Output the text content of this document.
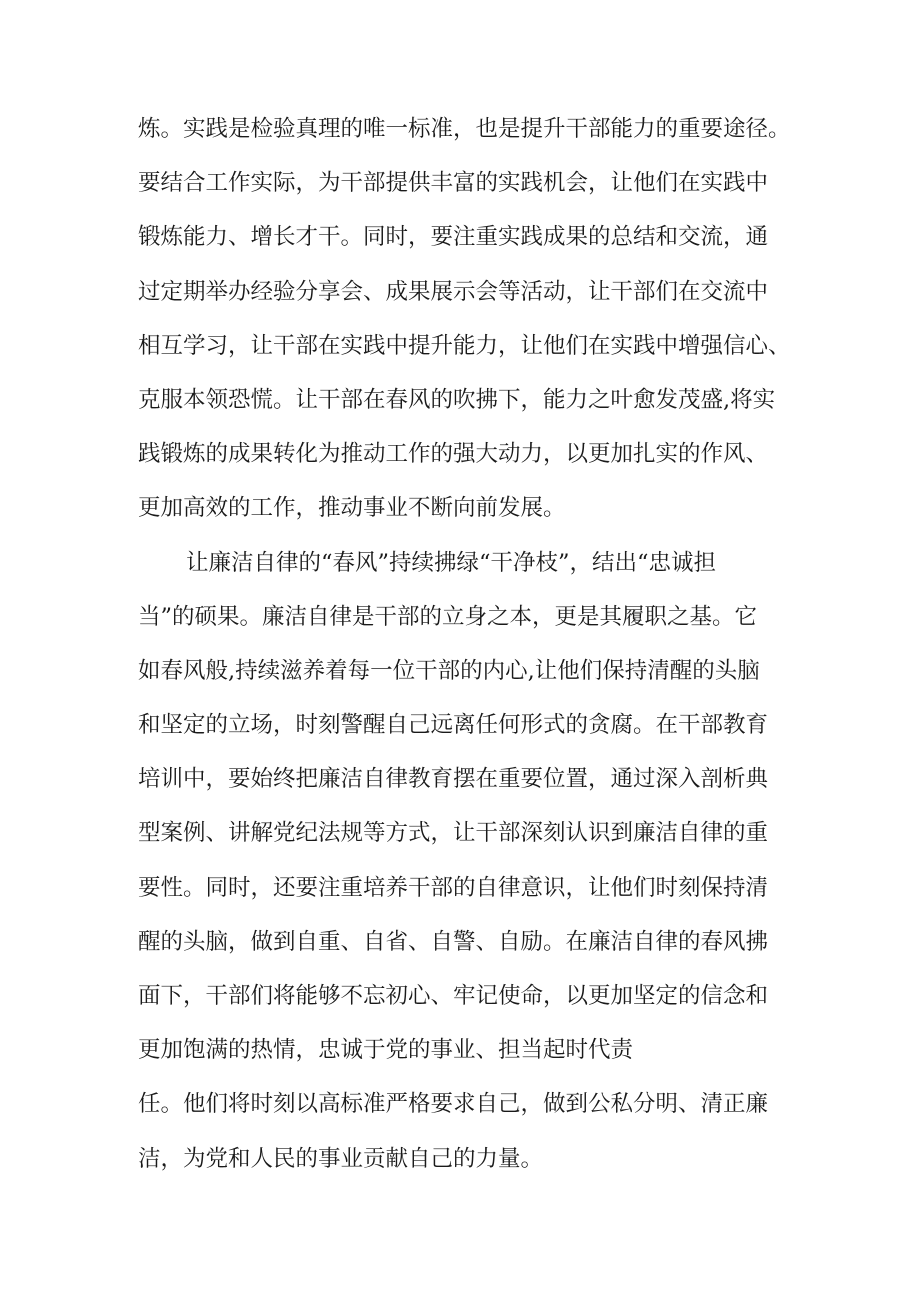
炼。实践是检验真理的唯一标准，也是提升干部能力的重要途径。
要结合工作实际，为干部提供丰富的实践机会，让他们在实践中
锻炼能力、增长才干。同时，要注重实践成果的总结和交流，通
过定期举办经验分享会、成果展示会等活动，让干部们在交流中
相互学习，让干部在实践中提升能力，让他们在实践中增强信心、
克服本领恐慌。让干部在春风的吹拂下，能力之叶愈发茂盛,将实
践锻炼的成果转化为推动工作的强大动力，以更加扎实的作风、
更加高效的工作，推动事业不断向前发展。
让廉洁自律的“春风”持续拂绿“干净枝”，结出“忠诚担
当”的硕果。廉洁自律是干部的立身之本，更是其履职之基。它
如春风般,持续滋养着每一位干部的内心,让他们保持清醒的头脑
和坚定的立场，时刻警醒自己远离任何形式的贪腐。在干部教育
培训中，要始终把廉洁自律教育摆在重要位置，通过深入剖析典
型案例、讲解党纪法规等方式，让干部深刻认识到廉洁自律的重
要性。同时，还要注重培养干部的自律意识，让他们时刻保持清
醒的头脑，做到自重、自省、自警、自励。在廉洁自律的春风拂
面下，干部们将能够不忘初心、牢记使命，以更加坚定的信念和
更加饱满的热情，忠诚于党的事业、担当起时代责
任。他们将时刻以高标准严格要求自己，做到公私分明、清正廉
洁，为党和人民的事业贡献自己的力量。
